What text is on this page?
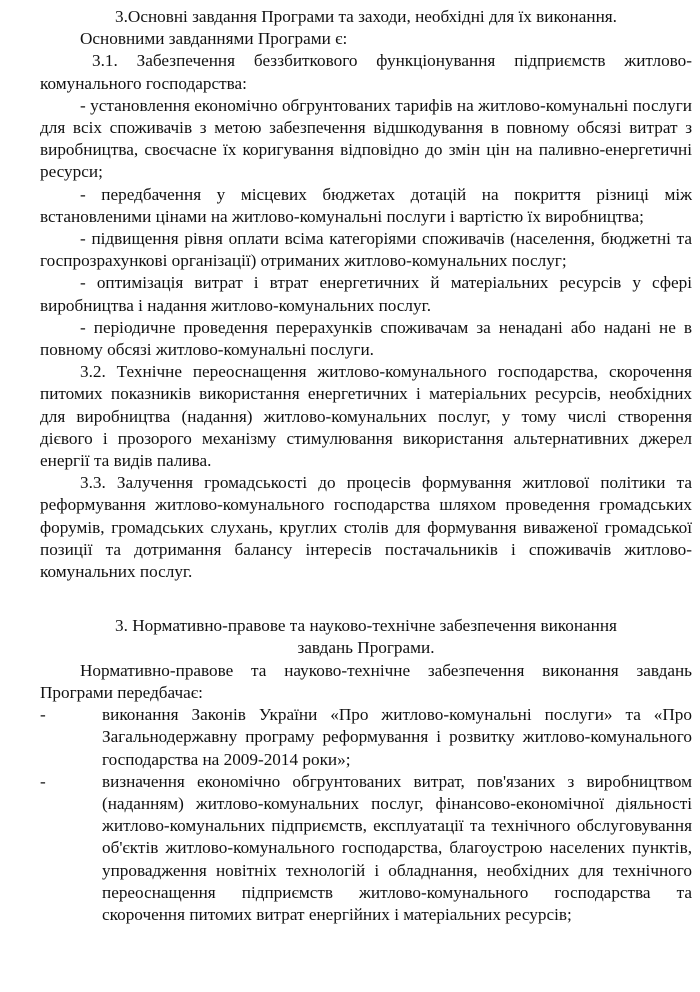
3.Основні завдання Програми та заходи, необхідні для їх виконання.

Основними завданнями Програми є:

3.1. Забезпечення беззбиткового функціонування підприємств житлово-комунального господарства:

- установлення економічно обгрунтованих тарифів на житлово-комунальні послуги для всіх споживачів з метою забезпечення відшкодування в повному обсязі витрат з виробництва, своєчасне їх коригування відповідно до змін цін на паливно-енергетичні ресурси;

- передбачення у місцевих бюджетах дотацій на покриття різниці між встановленими цінами на житлово-комунальні послуги і вартістю їх виробництва;

- підвищення рівня оплати всімa категоріями споживачів (населення, бюджетні та госпрозрахункові організації) отриманих житлово-комунальних послуг;

- оптимізація витрат і втрат енергетичних й матеріальних ресурсів у сфері виробництва і надання житлово-комунальних послуг.

- періодичне проведення перерахунків споживачам за ненадані або надані не в повному обсязі житлово-комунальні послуги.

3.2. Технічне переоснащення житлово-комунального господарства, скорочення питомих показників використання енергетичних і матеріальних ресурсів, необхідних для виробництва (надання) житлово-комунальних послуг, у тому числі створення дієвого і прозорого механізму стимулювання використання альтернативних джерел енергії та видів палива.

3.3. Залучення громадськості до процесів формування житлової політики та реформування житлово-комунального господарства шляхом проведення громадських форумів, громадських слухань, круглих столів для формування виваженої громадської позиції та дотримання балансу інтересів постачальників і споживачів житлово-комунальних послуг.

3. Нормативно-правове та науково-технічне забезпечення виконання
завдань Програми.

Нормативно-правове та науково-технічне забезпечення виконання завдань Програми передбачає:

-	виконання Законів України «Про житлово-комунальні послуги» та «Про Загальнодержавну програму реформування і розвитку житлово-комунального господарства на 2009-2014 роки»;
-	визначення економічно обгрунтованих витрат, пов'язаних з виробництвом (наданням) житлово-комунальних послуг, фінансово-економічної діяльності житлово-комунальних підприємств, експлуатації та технічного обслуговування об'єктів житлово-комунального господарства, благоустрою населених пунктів, упровадження новітніх технологій і обладнання, необхідних для технічного переоснащення підприємств житлово-комунального господарства та скорочення питомих витрат енергійних і матеріальних ресурсів;
